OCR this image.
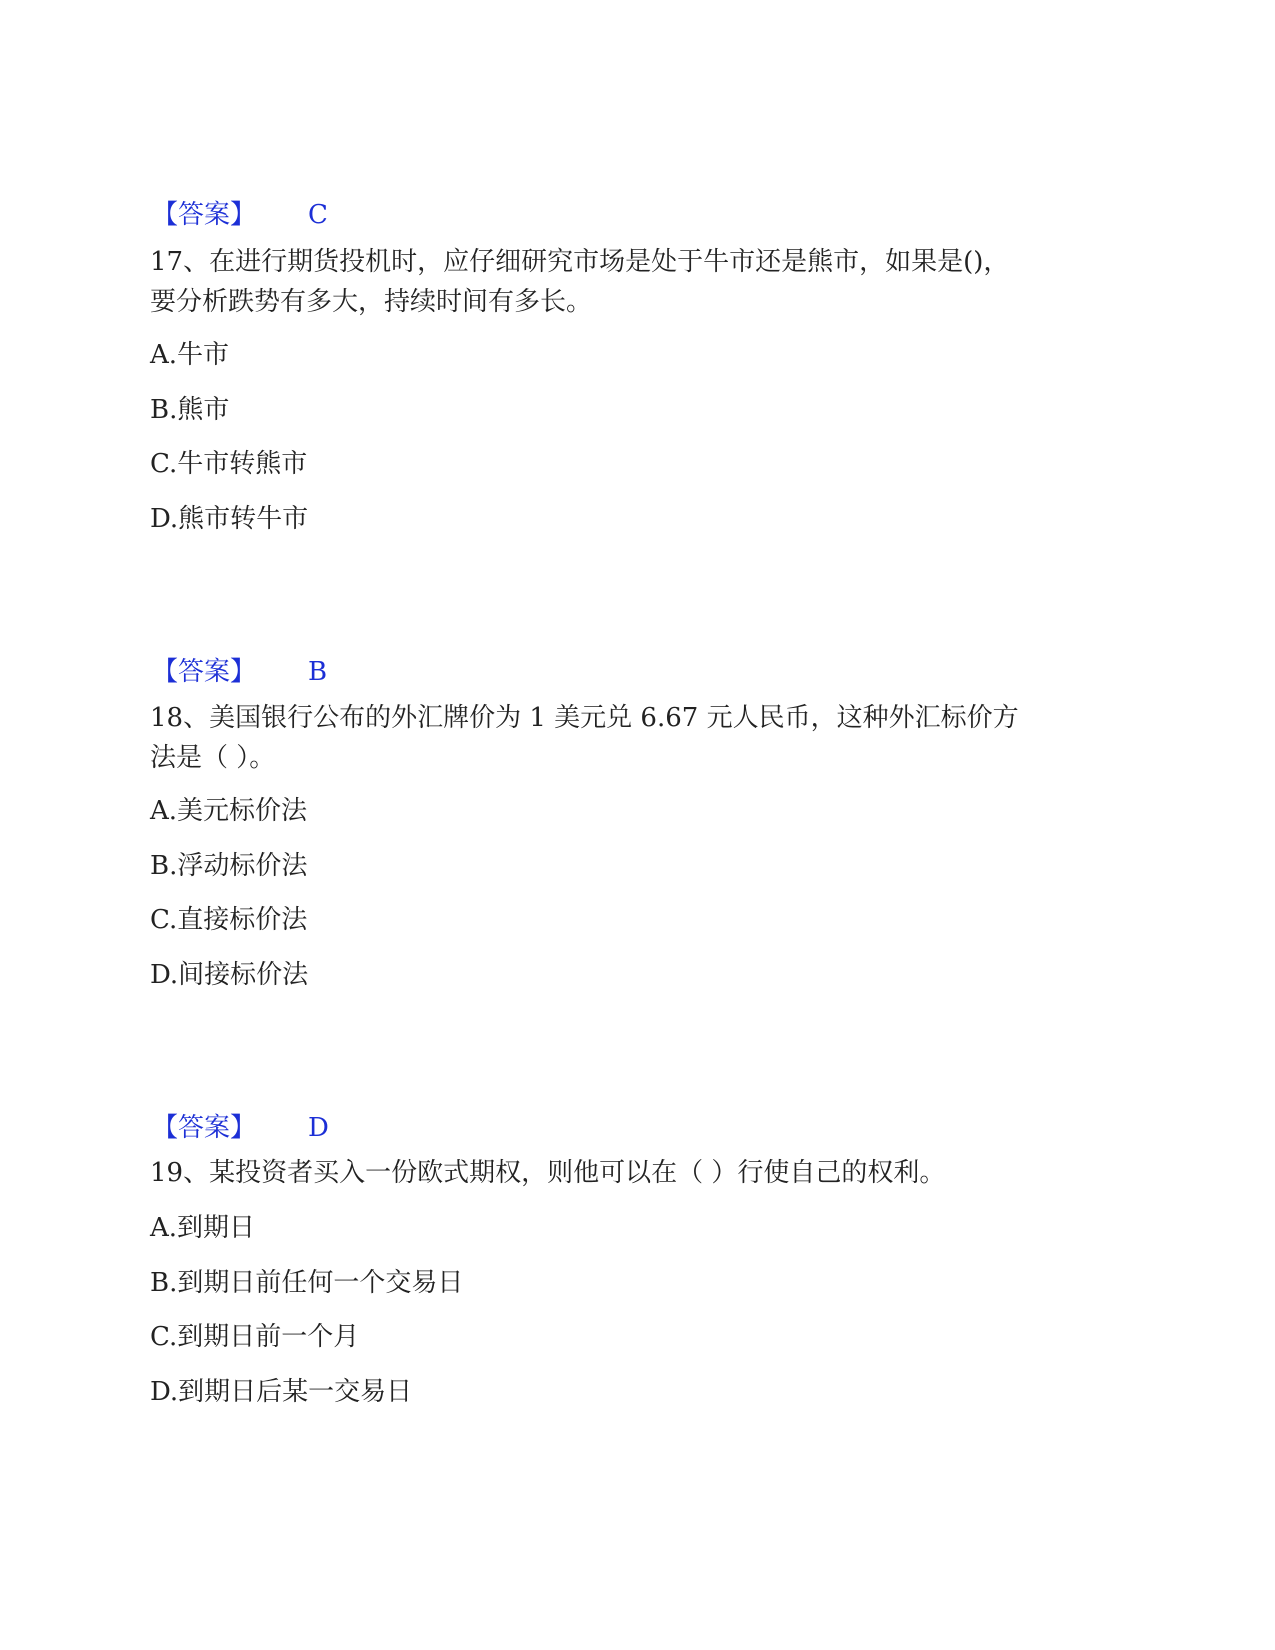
【答案】 C
17、在进行期货投机时，应仔细研究市场是处于牛市还是熊市，如果是()，
要分析跌势有多大，持续时间有多长。
A.牛市
B.熊市
C.牛市转熊市
D.熊市转牛市
【答案】 B
18、美国银行公布的外汇牌价为 1 美元兑 6.67 元人民币，这种外汇标价方
法是（ ）。
A.美元标价法
B.浮动标价法
C.直接标价法
D.间接标价法
【答案】 D
19、某投资者买入一份欧式期权，则他可以在（ ）行使自己的权利。
A.到期日
B.到期日前任何一个交易日
C.到期日前一个月
D.到期日后某一交易日
